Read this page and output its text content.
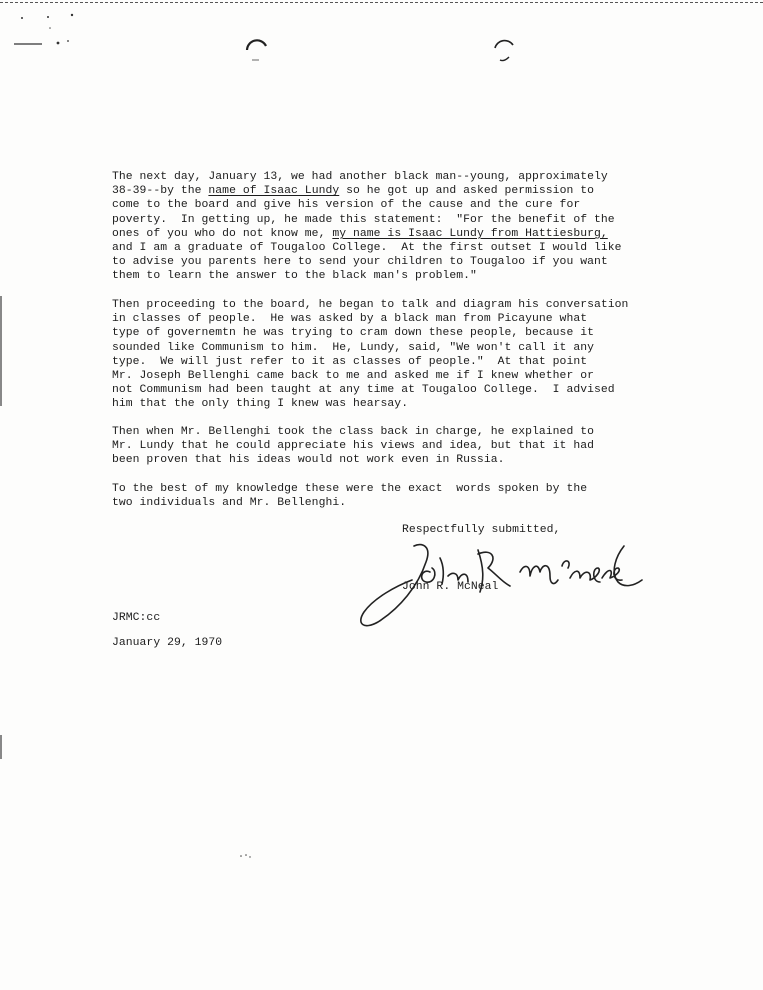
The next day, January 13, we had another black man--young, approximately
38-39--by the name of Isaac Lundy so he got up and asked permission to
come to the board and give his version of the cause and the cure for
poverty.  In getting up, he made this statement:  "For the benefit of the
ones of you who do not know me, my name is Isaac Lundy from Hattiesburg,
and I am a graduate of Tougaloo College.  At the first outset I would like
to advise you parents here to send your children to Tougaloo if you want
them to learn the answer to the black man's problem."

Then proceeding to the board, he began to talk and diagram his conversation
in classes of people.  He was asked by a black man from Picayune what
type of governemtn he was trying to cram down these people, because it
sounded like Communism to him.  He, Lundy, said, "We won't call it any
type.  We will just refer to it as classes of people."  At that point
Mr. Joseph Bellenghi came back to me and asked me if I knew whether or
not Communism had been taught at any time at Tougaloo College.  I advised
him that the only thing I knew was hearsay.

Then when Mr. Bellenghi took the class back in charge, he explained to
Mr. Lundy that he could appreciate his views and idea, but that it had
been proven that his ideas would not work even in Russia.

To the best of my knowledge these were the exact  words spoken by the
two individuals and Mr. Bellenghi.

Respectfully submitted,

John R. McNeal

JRMC:cc

January 29, 1970
